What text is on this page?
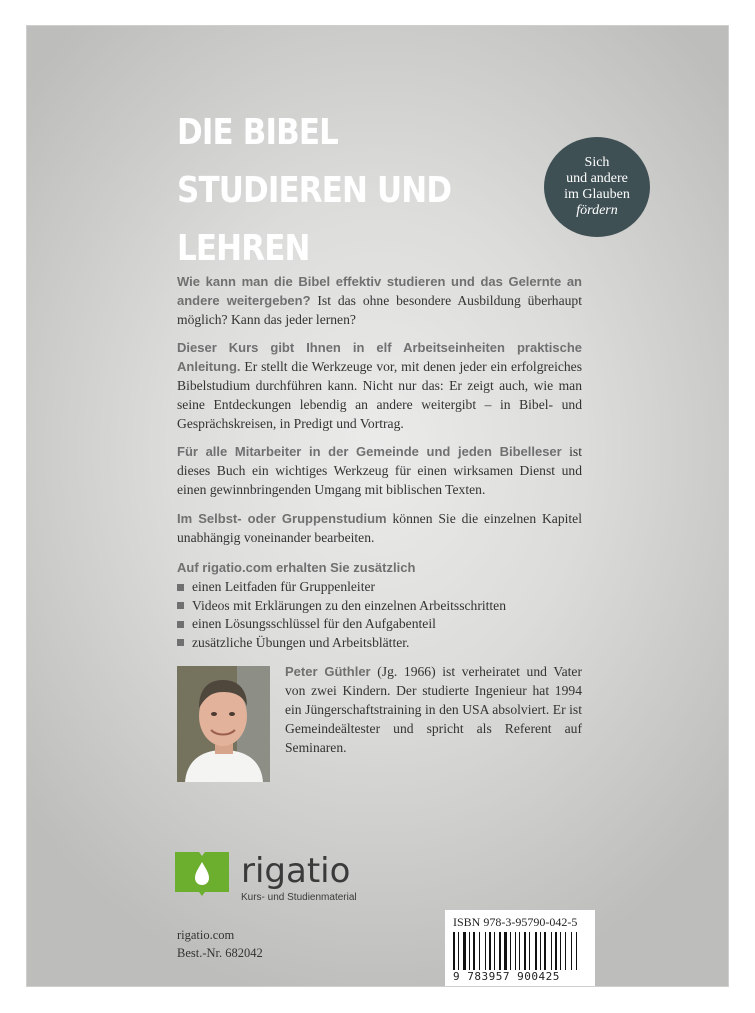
DIE BIBEL
STUDIEREN UND
LEHREN
Sich
und andere
im Glauben
fördern

Wie kann man die Bibel effektiv studieren und das Gelernte an andere weitergeben? Ist das ohne besondere Ausbildung überhaupt möglich? Kann das jeder lernen?

Dieser Kurs gibt Ihnen in elf Arbeitseinheiten praktische Anleitung. Er stellt die Werkzeuge vor, mit denen jeder ein erfolgreiches Bibelstudium durchführen kann. Nicht nur das: Er zeigt auch, wie man seine Entdeckungen lebendig an andere weitergibt – in Bibel- und Gesprächskreisen, in Predigt und Vortrag.

Für alle Mitarbeiter in der Gemeinde und jeden Bibelleser ist dieses Buch ein wichtiges Werkzeug für einen wirksamen Dienst und einen gewinnbringenden Umgang mit biblischen Texten.

Im Selbst- oder Gruppenstudium können Sie die einzelnen Kapitel unabhängig voneinander bearbeiten.

Auf rigatio.com erhalten Sie zusätzlich
einen Leitfaden für Gruppenleiter
Videos mit Erklärungen zu den einzelnen Arbeitsschritten
einen Lösungsschlüssel für den Aufgabenteil
zusätzliche Übungen und Arbeitsblätter.

Peter Güthler (Jg. 1966) ist verheiratet und Vater von zwei Kindern. Der studierte Ingenieur hat 1994 ein Jüngerschaftstraining in den USA absolviert. Er ist Gemeindeältester und spricht als Referent auf Seminaren.

rigatio
Kurs- und Studienmaterial
rigatio.com
Best.-Nr. 682042
ISBN 978-3-95790-042-5
9 783957 900425
